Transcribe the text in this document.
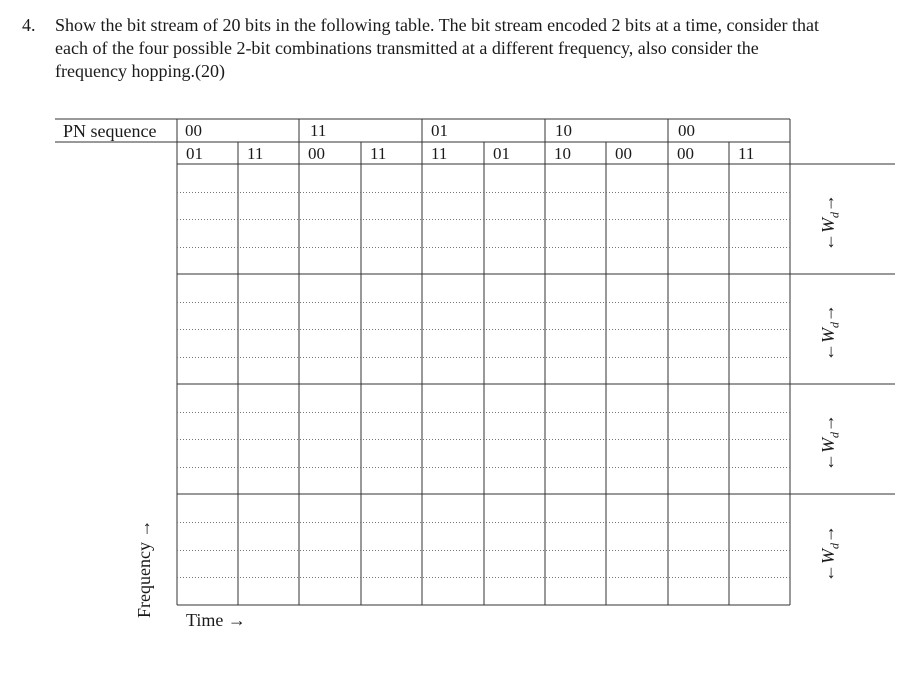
4. Show the bit stream of 20 bits in the following table. The bit stream encoded 2 bits at a time, consider that
each of the four possible 2-bit combinations transmitted at a different frequency, also consider the
frequency hopping.(20)
PN sequence 00	11	01	10	00
01	11	00	11	11	01	10	00	00	11
Frequency →
Time →
$\leftarrow W_d\to$
$\leftarrow W_d\to$
$\leftarrow W_d\to$
$\leftarrow W_d\to$
